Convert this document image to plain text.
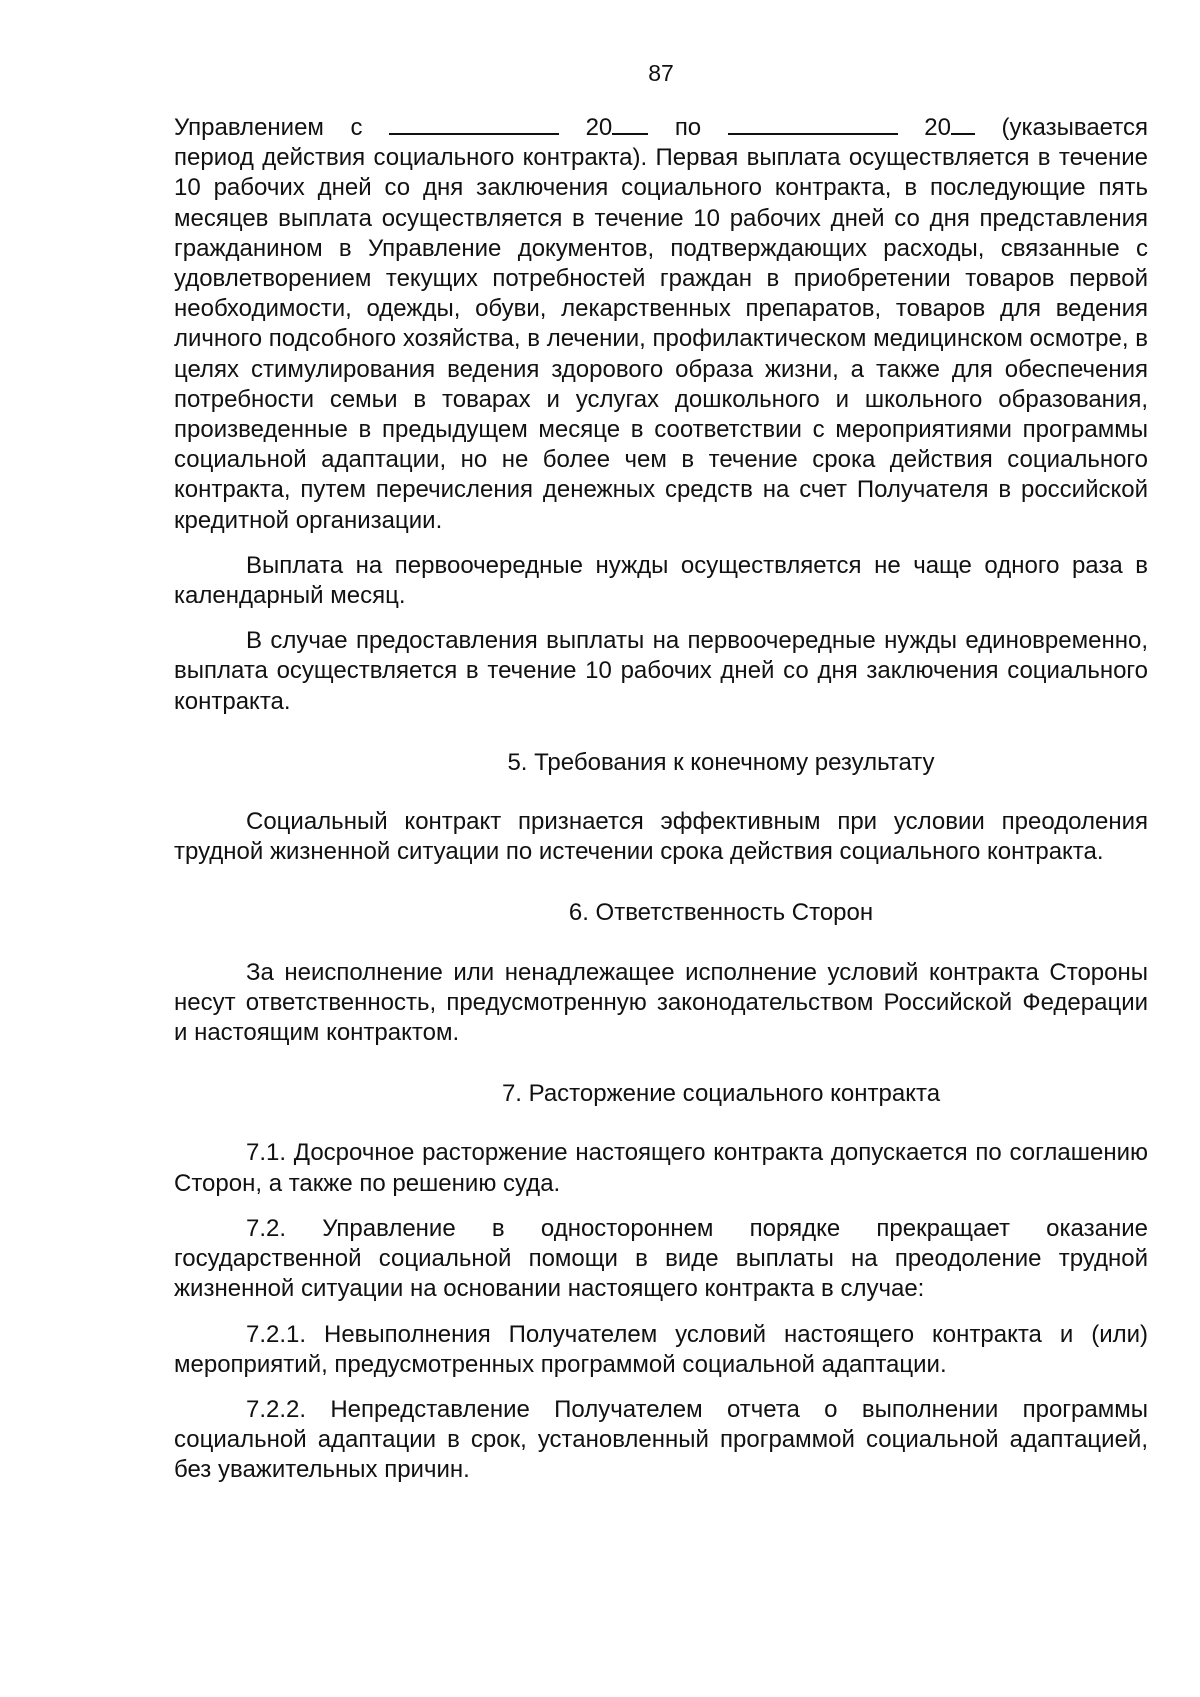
87
Управлением с	20	по	20	(указывается

период действия социального контракта). Первая выплата осуществляется в течение 10 рабочих дней со дня заключения социального контракта, в последующие пять месяцев выплата осуществляется в течение 10 рабочих дней со дня представления гражданином в Управление документов, подтверждающих расходы, связанные с удовлетворением текущих потребностей граждан в приобретении товаров первой необходимости, одежды, обуви, лекарственных препаратов, товаров для ведения личного подсобного хозяйства, в лечении, профилактическом медицинском осмотре, в целях стимулирования ведения здорового образа жизни, а также для обеспечения потребности семьи в товарах и услугах дошкольного и школьного образования, произведенные в предыдущем месяце в соответствии с мероприятиями программы социальной адаптации, но не более чем в течение срока действия социального контракта, путем перечисления денежных средств на счет Получателя в российской кредитной организации.

Выплата на первоочередные нужды осуществляется не чаще одного раза в календарный месяц.

В случае предоставления выплаты на первоочередные нужды единовременно, выплата осуществляется в течение 10 рабочих дней со дня заключения социального контракта.

5. Требования к конечному результату

Социальный контракт признается эффективным при условии преодоления трудной жизненной ситуации по истечении срока действия социального контракта.

6. Ответственность Сторон

За неисполнение или ненадлежащее исполнение условий контракта Стороны несут ответственность, предусмотренную законодательством Российской Федерации и настоящим контрактом.

7. Расторжение социального контракта

7.1. Досрочное расторжение настоящего контракта допускается по соглашению Сторон, а также по решению суда.

7.2. Управление в одностороннем порядке прекращает оказание государственной социальной помощи в виде выплаты на преодоление трудной жизненной ситуации на основании настоящего контракта в случае:

7.2.1. Невыполнения Получателем условий настоящего контракта и (или) мероприятий, предусмотренных программой социальной адаптации.

7.2.2. Непредставление Получателем отчета о выполнении программы социальной адаптации в срок, установленный программой социальной адаптацией, без уважительных причин.
